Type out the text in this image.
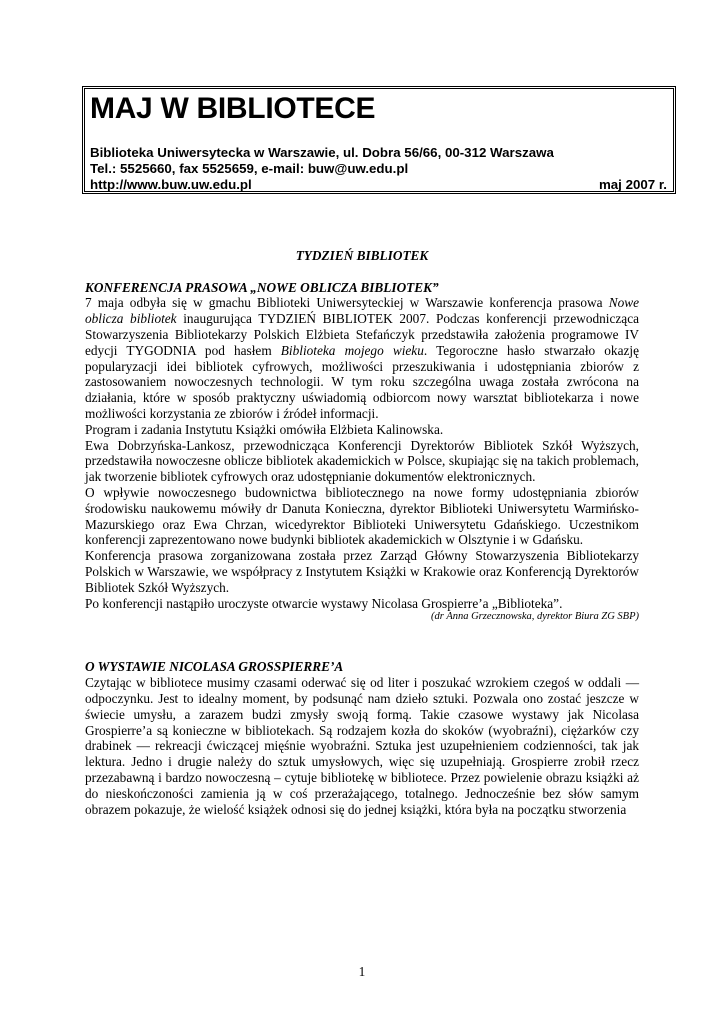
MAJ W BIBLIOTECE
Biblioteka Uniwersytecka w Warszawie, ul. Dobra 56/66, 00-312 Warszawa
Tel.: 5525660, fax 5525659, e-mail: buw@uw.edu.pl
http://www.buw.uw.edu.pl	maj 2007 r.
TYDZIEŃ BIBLIOTEK
KONFERENCJA PRASOWA „NOWE OBLICZA BIBLIOTEK”

7 maja odbyła się w gmachu Biblioteki Uniwersyteckiej w Warszawie konferencja prasowa Nowe oblicza bibliotek inaugurująca TYDZIEŃ BIBLIOTEK 2007. Podczas konferencji przewodnicząca Stowarzyszenia Bibliotekarzy Polskich Elżbieta Stefańczyk przedstawiła założenia programowe IV edycji TYGODNIA pod hasłem Biblioteka mojego wieku. Tegoroczne hasło stwarzało okazję popularyzacji idei bibliotek cyfrowych, możliwości przeszukiwania i udostępniania zbiorów z zastosowaniem nowoczesnych technologii. W tym roku szczególna uwaga została zwrócona na działania, które w sposób praktyczny uświadomią odbiorcom nowy warsztat bibliotekarza i nowe możliwości korzystania ze zbiorów i źródeł informacji.

Program i zadania Instytutu Książki omówiła Elżbieta Kalinowska.

Ewa Dobrzyńska-Lankosz, przewodnicząca Konferencji Dyrektorów Bibliotek Szkół Wyższych, przedstawiła nowoczesne oblicze bibliotek akademickich w Polsce, skupiając się na takich problemach, jak tworzenie bibliotek cyfrowych oraz udostępnianie dokumentów elektronicznych.

O wpływie nowoczesnego budownictwa bibliotecznego na nowe formy udostępniania zbiorów środowisku naukowemu mówiły dr Danuta Konieczna, dyrektor Biblioteki Uniwersytetu Warmińsko-Mazurskiego oraz Ewa Chrzan, wicedyrektor Biblioteki Uniwersytetu Gdańskiego. Uczestnikom konferencji zaprezentowano nowe budynki bibliotek akademickich w Olsztynie i w Gdańsku.

Konferencja prasowa zorganizowana została przez Zarząd Główny Stowarzyszenia Bibliotekarzy Polskich w Warszawie, we współpracy z Instytutem Książki w Krakowie oraz Konferencją Dyrektorów Bibliotek Szkół Wyższych.

Po konferencji nastąpiło uroczyste otwarcie wystawy Nicolasa Grospierre’a „Biblioteka”.

(dr Anna Grzecznowska, dyrektor Biura ZG SBP)

O WYSTAWIE NICOLASA GROSSPIERRE’A

Czytając w bibliotece musimy czasami oderwać się od liter i poszukać wzrokiem czegoś w oddali — odpoczynku. Jest to idealny moment, by podsunąć nam dzieło sztuki. Pozwala ono zostać jeszcze w świecie umysłu, a zarazem budzi zmysły swoją formą. Takie czasowe wystawy jak Nicolasa Grospierre’a są konieczne w bibliotekach. Są rodzajem kozła do skoków (wyobraźni), ciężarków czy drabinek — rekreacji ćwiczącej mięśnie wyobraźni. Sztuka jest uzupełnieniem codzienności, tak jak lektura. Jedno i drugie należy do sztuk umysłowych, więc się uzupełniają. Grospierre zrobił rzecz przezabawną i bardzo nowoczesną – cytuje bibliotekę w bibliotece. Przez powielenie obrazu książki aż do nieskończoności zamienia ją w coś przerażającego, totalnego. Jednocześnie bez słów samym obrazem pokazuje, że wielość książek odnosi się do jednej książki, która była na początku stworzenia

1
